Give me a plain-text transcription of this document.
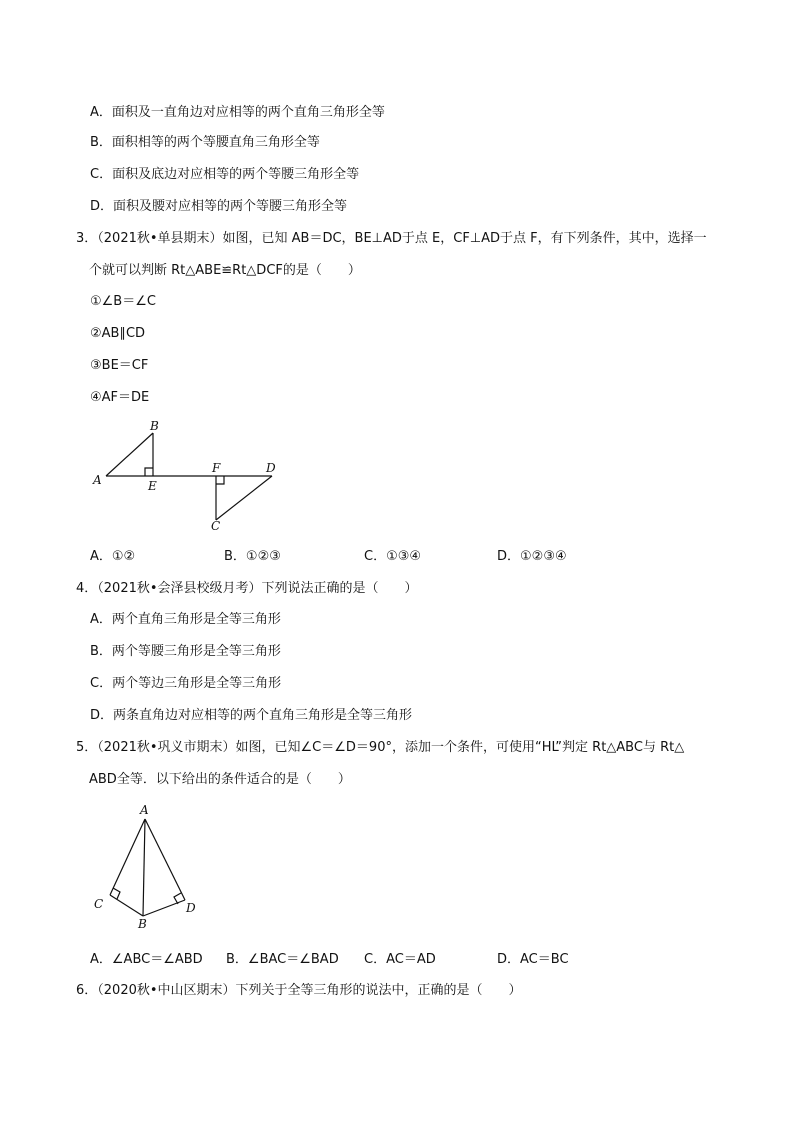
A．面积及一直角边对应相等的两个直角三角形全等
B．面积相等的两个等腰直角三角形全等
C．面积及底边对应相等的两个等腰三角形全等
D．面积及腰对应相等的两个等腰三角形全等
3．（2021秋•单县期末）如图，已知 AB＝DC，BE⊥AD于点 E，CF⊥AD于点 F，有下列条件，其中，选择一
个就可以判断 Rt△ABE≌Rt△DCF的是（　　）
①∠B＝∠C
②AB∥CD
③BE＝CF
④AF＝DE
A
B
E
F	D
C
A．①②	B．①②③	C．①③④	D．①②③④
4．（2021秋•会泽县校级月考）下列说法正确的是（　　）
A．两个直角三角形是全等三角形
B．两个等腰三角形是全等三角形
C．两个等边三角形是全等三角形
D．两条直角边对应相等的两个直角三角形是全等三角形
5．（2021秋•巩义市期末）如图，已知∠C＝∠D＝90°，添加一个条件，可使用“HL”判定 Rt△ABC与 Rt△
ABD全等．以下给出的条件适合的是（　　）
A
C	D
B
A．∠ABC＝∠ABD B．∠BAC＝∠BAD C．AC＝AD	D．AC＝BC
6．（2020秋•中山区期末）下列关于全等三角形的说法中，正确的是（　　）
